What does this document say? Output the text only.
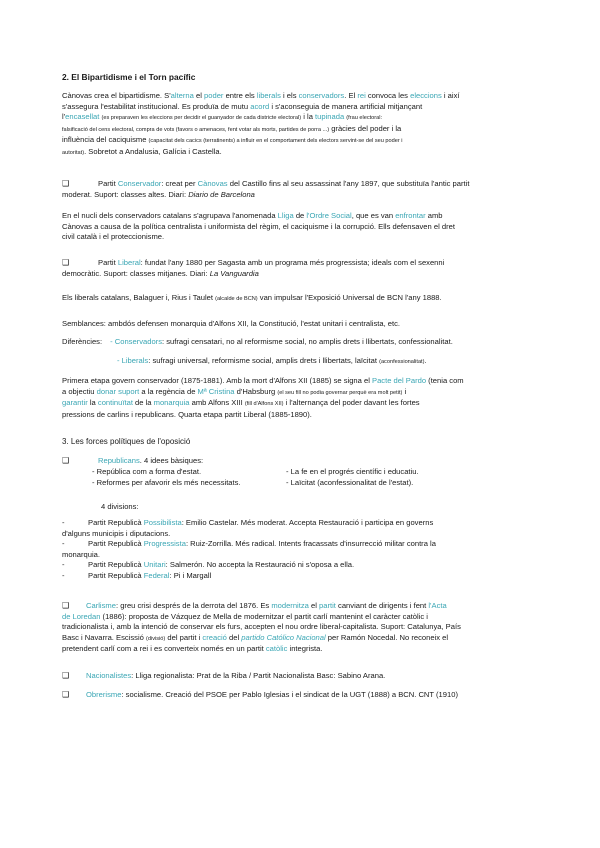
2. El Bipartidisme i el Torn pacífic
Cànovas crea el bipartidisme. S'alterna el poder entre els liberals i els conservadors. El rei convoca les eleccions i així
s'assegura l'estabilitat institucional. Es produïa de mutu acord i s'aconseguia de manera artificial mitjançant
l'encasellat (es preparaven les eleccions per decidir el guanyador de cada districte electoral) i la tupinada (frau electoral:
falsificació del cens electoral, compra de vots (favors o amenaces, fent votar als morts, partides de porra ...) gràcies del poder i la
influència del caciquisme (capacitat dels cacics (terratinents) a influir en el comportament dels electors servint-se del seu poder i
autoritat). Sobretot a Andalusia, Galícia i Castella.
❑	Partit Conservador: creat per Cànovas del Castillo fins al seu assassinat l'any 1897, que substituïa l'antic partit
moderat. Suport: classes altes. Diari: Diario de Barcelona
En el nucli dels conservadors catalans s'agrupava l'anomenada Lliga de l'Ordre Social, que es van enfrontar amb
Cànovas a causa de la política centralista i uniformista del règim, el caciquisme i la corrupció. Ells defensaven el dret
civil català i el proteccionisme.
❑	Partit Liberal: fundat l'any 1880 per Sagasta amb un programa més progressista; ideals com el sexenni
democràtic. Suport: classes mitjanes. Diari: La Vanguardia
Els liberals catalans, Balaguer i, Rius i Taulet (alcalde de BCN) van impulsar l'Exposició Universal de BCN l'any 1888.
Semblances: ambdós defensen monarquia d'Alfons XII, la Constitució, l'estat unitari i centralista, etc.
Diferències: - Conservadors: sufragi censatari, no al reformisme social, no amplis drets i llibertats, confessionalitat.
- Liberals: sufragi universal, reformisme social, amplis drets i llibertats, laïcitat (aconfessionalitat).
Primera etapa govern conservador (1875-1881). Amb la mort d'Alfons XII (1885) se signa el Pacte del Pardo (tenia com
a objectiu donar suport a la regència de Mª Cristina d'Habsburg (el seu fill no podia governar perquè era molt petit) i
garantir la continuïtat de la monarquia amb Alfons XIII (fill d'Alfons XII) i l'alternança del poder davant les fortes
pressions de carlins i republicans. Quarta etapa partit Liberal (1885-1890).
3. Les forces polítiques de l'oposició
❑	Republicans. 4 idees bàsiques:
- República com a forma d'estat.	- La fe en el progrés científic i educatiu.
- Reformes per afavorir els més necessitats.	- Laïcitat (aconfessionalitat de l'estat).
4 divisions:
-	Partit Republicà Possibilista: Emilio Castelar. Més moderat. Accepta Restauració i participa en governs
d'alguns municipis i diputacions.
-	Partit Republicà Progressista: Ruiz-Zorrilla. Més radical. Intents fracassats d'insurrecció militar contra la
monarquia.
-	Partit Republicà Unitari: Salmerón. No accepta la Restauració ni s'oposa a ella.
-	Partit Republicà Federal: Pi i Margall
❑	Carlisme: greu crisi després de la derrota del 1876. Es modernitza el partit canviant de dirigents i fent l'Acta
de Loredan (1886): proposta de Vázquez de Mella de modernitzar el partit carlí mantenint el caràcter catòlic i
tradicionalista i, amb la intenció de conservar els furs, accepten el nou ordre liberal-capitalista. Suport: Catalunya, País
Basc i Navarra. Escissió (divisió) del partit i creació del partido Católico Nacional per Ramón Nocedal. No reconeix el
pretendent carlí com a rei i es converteix només en un partit catòlic integrista.
❑	Nacionalistes: Lliga regionalista: Prat de la Riba / Partit Nacionalista Basc: Sabino Arana.
❑	Obrerisme: socialisme. Creació del PSOE per Pablo Iglesias i el sindicat de la UGT (1888) a BCN. CNT (1910)
